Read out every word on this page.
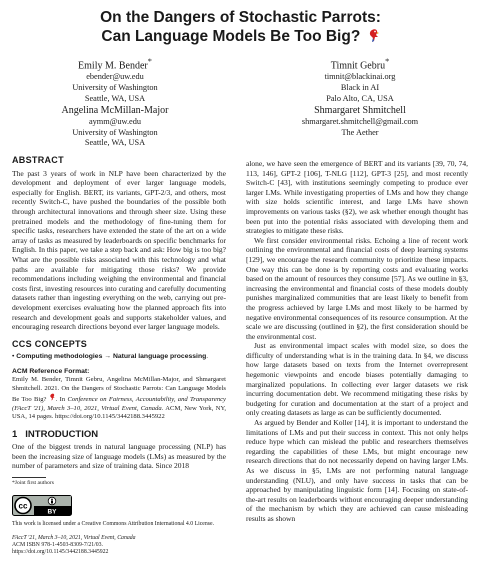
On the Dangers of Stochastic Parrots:
Can Language Models Be Too Big?
Emily M. Bender*
ebender@uw.edu
University of Washington
Seattle, WA, USA
Timnit Gebru*
timnit@blackinai.org
Black in AI
Palo Alto, CA, USA
Angelina McMillan-Major
aymm@uw.edu
University of Washington
Seattle, WA, USA
Shmargaret Shmitchell
shmargaret.shmitchell@gmail.com
The Aether
ABSTRACT

The past 3 years of work in NLP have been characterized by the development and deployment of ever larger language models, especially for English. BERT, its variants, GPT-2/3, and others, most recently Switch-C, have pushed the boundaries of the possible both through architectural innovations and through sheer size. Using these pretrained models and the methodology of fine-tuning them for specific tasks, researchers have extended the state of the art on a wide array of tasks as measured by leaderboards on specific benchmarks for English. In this paper, we take a step back and ask: How big is too big? What are the possible risks associated with this technology and what paths are available for mitigating those risks? We provide recommendations including weighing the environmental and financial costs first, investing resources into curating and carefully documenting datasets rather than ingesting everything on the web, carrying out pre-development exercises evaluating how the planned approach fits into research and development goals and supports stakeholder values, and encouraging research directions beyond ever larger language models.

CCS CONCEPTS
• Computing methodologies → Natural language processing.
ACM Reference Format:

Emily M. Bender, Timnit Gebru, Angelina McMillan-Major, and Shmargaret Shmitchell. 2021. On the Dangers of Stochastic Parrots: Can Language Models Be Too Big? . In Conference on Fairness, Accountability, and Transparency (FAccT '21), March 3–10, 2021, Virtual Event, Canada. ACM, New York, NY, USA, 14 pages. https://doi.org/10.1145/3442188.3445922

1 INTRODUCTION

One of the biggest trends in natural language processing (NLP) has been the increasing size of language models (LMs) as measured by the number of parameters and size of training data. Since 2018

*Joint first authors
cc
BY
This work is licensed under a Creative Commons Attribution International 4.0 License.
FAccT '21, March 3–10, 2021, Virtual Event, Canada
ACM ISBN 978-1-4503-8309-7/21/03.
https://doi.org/10.1145/3442188.3445922

alone, we have seen the emergence of BERT and its variants [39, 70, 74, 113, 146], GPT-2 [106], T-NLG [112], GPT-3 [25], and most recently Switch-C [43], with institutions seemingly competing to produce ever larger LMs. While investigating properties of LMs and how they change with size holds scientific interest, and large LMs have shown improvements on various tasks (§2), we ask whether enough thought has been put into the potential risks associated with developing them and strategies to mitigate these risks.

We first consider environmental risks. Echoing a line of recent work outlining the environmental and financial costs of deep learning systems [129], we encourage the research community to prioritize these impacts. One way this can be done is by reporting costs and evaluating works based on the amount of resources they consume [57]. As we outline in §3, increasing the environmental and financial costs of these models doubly punishes marginalized communities that are least likely to benefit from the progress achieved by large LMs and most likely to be harmed by negative environmental consequences of its resource consumption. At the scale we are discussing (outlined in §2), the first consideration should be the environmental cost.

Just as environmental impact scales with model size, so does the difficulty of understanding what is in the training data. In §4, we discuss how large datasets based on texts from the Internet overrepresent hegemonic viewpoints and encode biases potentially damaging to marginalized populations. In collecting ever larger datasets we risk incurring documentation debt. We recommend mitigating these risks by budgeting for curation and documentation at the start of a project and only creating datasets as large as can be sufficiently documented.

As argued by Bender and Koller [14], it is important to understand the limitations of LMs and put their success in context. This not only helps reduce hype which can mislead the public and researchers themselves regarding the capabilities of these LMs, but might encourage new research directions that do not necessarily depend on having larger LMs. As we discuss in §5, LMs are not performing natural language understanding (NLU), and only have success in tasks that can be approached by manipulating linguistic form [14]. Focusing on state-of-the-art results on leaderboards without encouraging deeper understanding of the mechanism by which they are achieved can cause misleading results as shown
